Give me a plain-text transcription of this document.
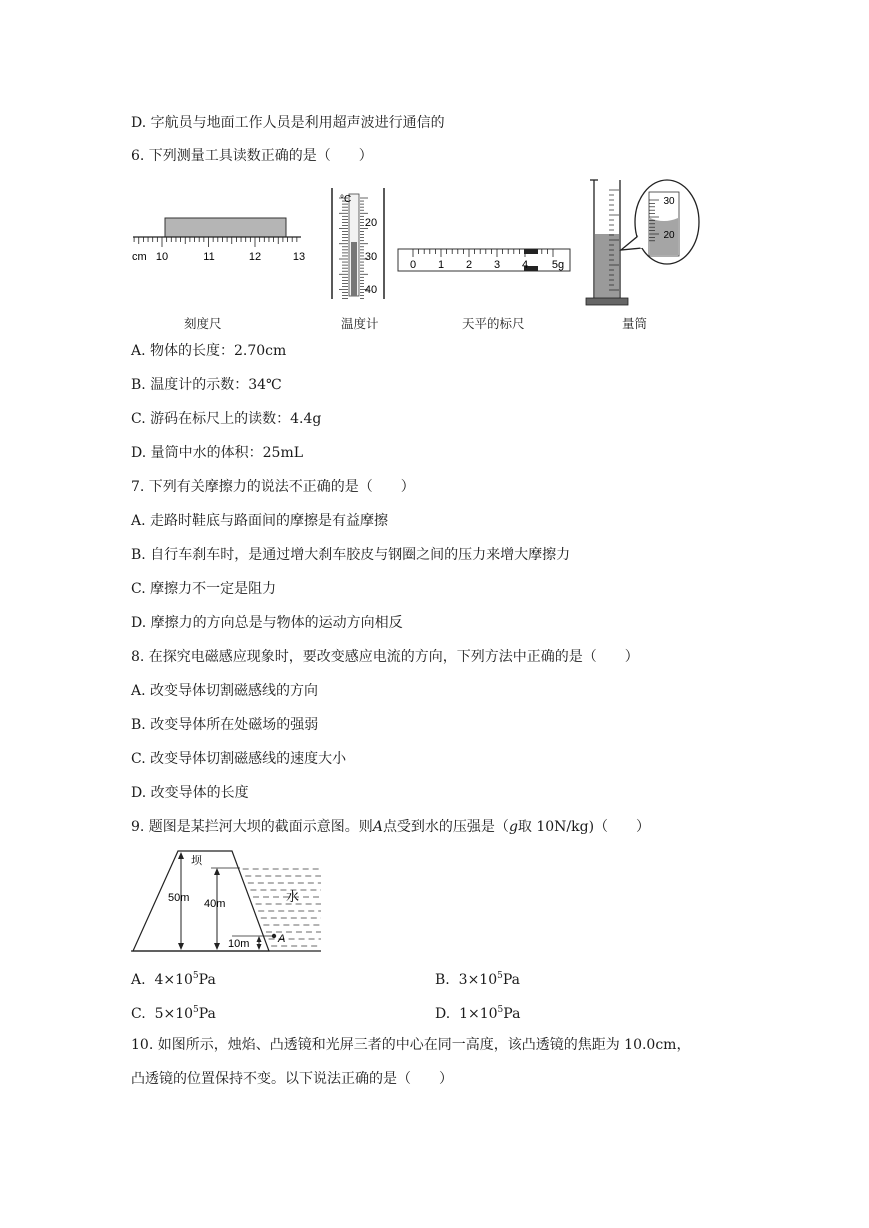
D. 字航员与地面工作人员是利用超声波进行通信的
6. 下列测量工具读数正确的是（　　）
cm 10	11	12	13
°C
20
30
40
0 1 2 3 4 5g
30
20
刻度尺	温度计	天平的标尺	量筒
A. 物体的长度：2.70cm
B. 温度计的示数：34℃
C. 游码在标尺上的读数：4.4g
D. 量筒中水的体积：25mL
7. 下列有关摩擦力的说法不正确的是（　　）
A. 走路时鞋底与路面间的摩擦是有益摩擦
B. 自行车刹车时，是通过增大刹车胶皮与钢圈之间的压力来增大摩擦力
C. 摩擦力不一定是阻力
D. 摩擦力的方向总是与物体的运动方向相反
8. 在探究电磁感应现象时，要改变感应电流的方向，下列方法中正确的是（　　）
A. 改变导体切割磁感线的方向
B. 改变导体所在处磁场的强弱
C. 改变导体切割磁感线的速度大小
D. 改变导体的长度
9. 题图是某拦河大坝的截面示意图。则A点受到水的压强是（g取 10N/kg)（　　）
坝
50m 40m
10m	A
水
A. $4\times 10^5Pa$	B. $3\times 10^5Pa$
C. $5\times 10^5Pa$	D. $1\times 10^5Pa$
10. 如图所示，烛焰、凸透镜和光屏三者的中心在同一高度，该凸透镜的焦距为 10.0cm，
凸透镜的位置保持不变。以下说法正确的是（　　）
